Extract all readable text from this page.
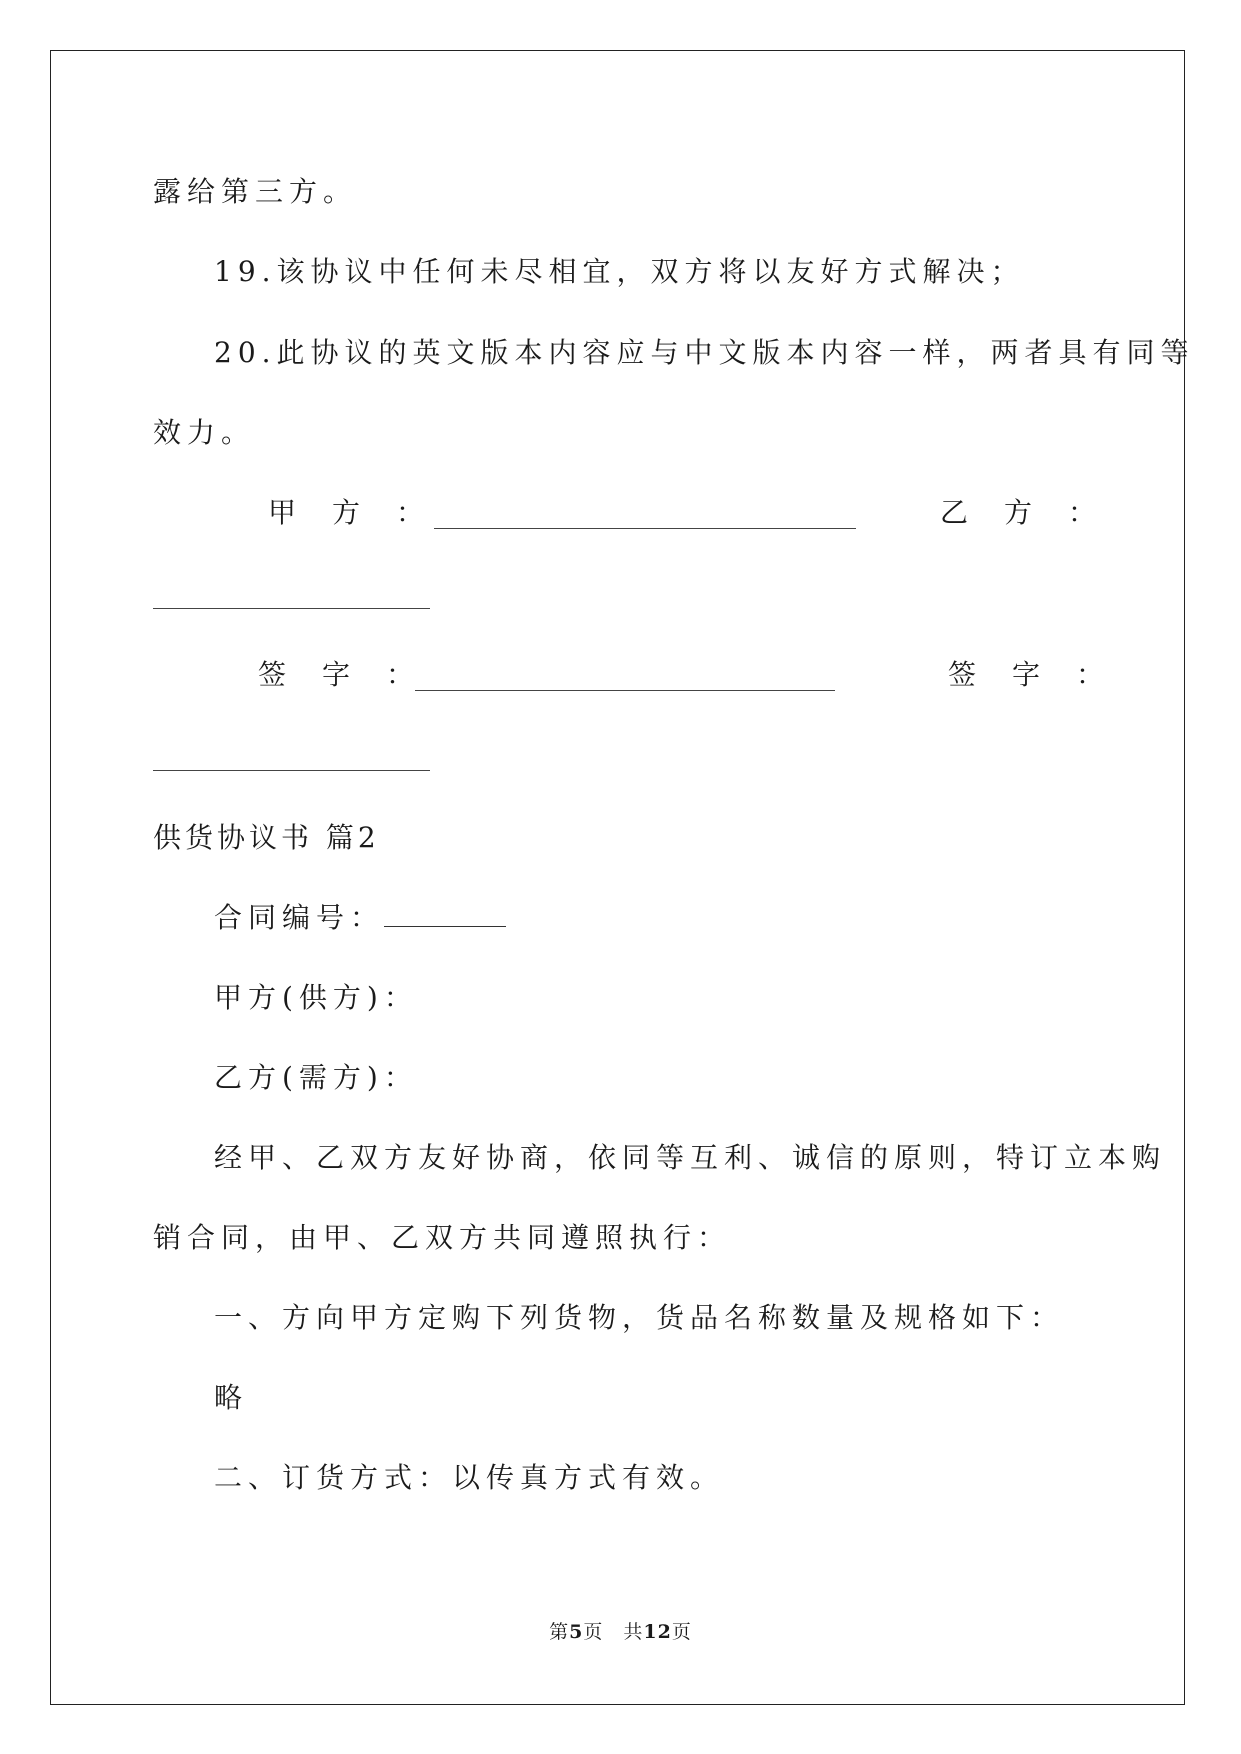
露给第三方。
19.该协议中任何未尽相宜，双方将以友好方式解决；
20.此协议的英文版本内容应与中文版本内容一样，两者具有同等
效力。
甲　方　：	乙　方　：
签　字　：	签　字　：
供货协议书 篇2
合同编号：
甲方(供方)：
乙方(需方)：
经甲、乙双方友好协商，依同等互利、诚信的原则，特订立本购
销合同，由甲、乙双方共同遵照执行：
一、方向甲方定购下列货物，货品名称数量及规格如下：
略
二、订货方式：以传真方式有效。
第5页　共12页
